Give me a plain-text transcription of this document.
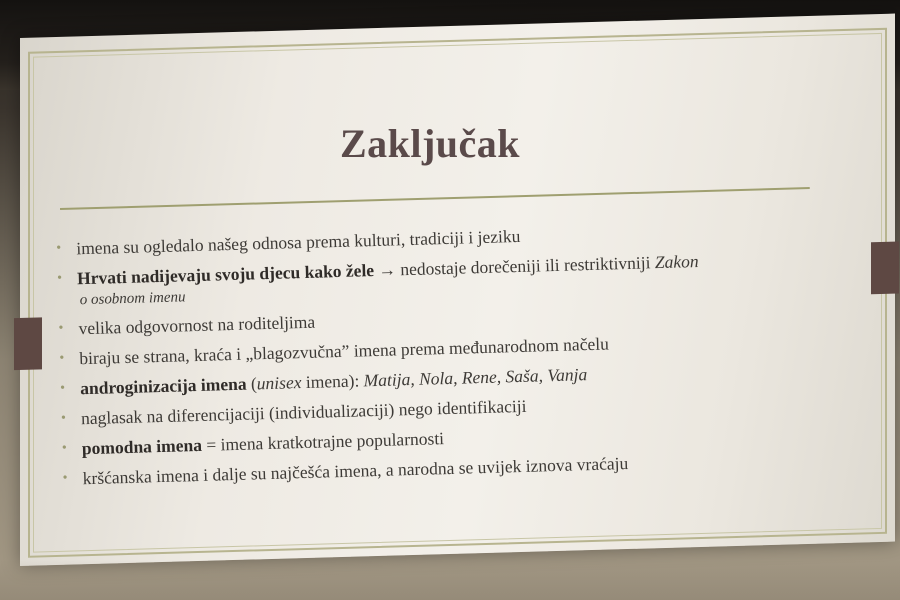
Zaključak
• imena su ogledalo našeg odnosa prema kulturi, tradiciji i jeziku
• Hrvati nadijevaju svoju djecu kako žele → nedostaje dorečeniji ili restriktivniji Zakon
o osobnom imenu
• velika odgovornost na roditeljima
• biraju se strana, kraća i „blagozvučna” imena prema međunarodnom načelu
• androginizacija imena (unisex imena): Matija, Nola, Rene, Saša, Vanja
• naglasak na diferencijaciji (individualizaciji) nego identifikaciji
• pomodna imena = imena kratkotrajne popularnosti
• kršćanska imena i dalje su najčešća imena, a narodna se uvijek iznova vraćaju
